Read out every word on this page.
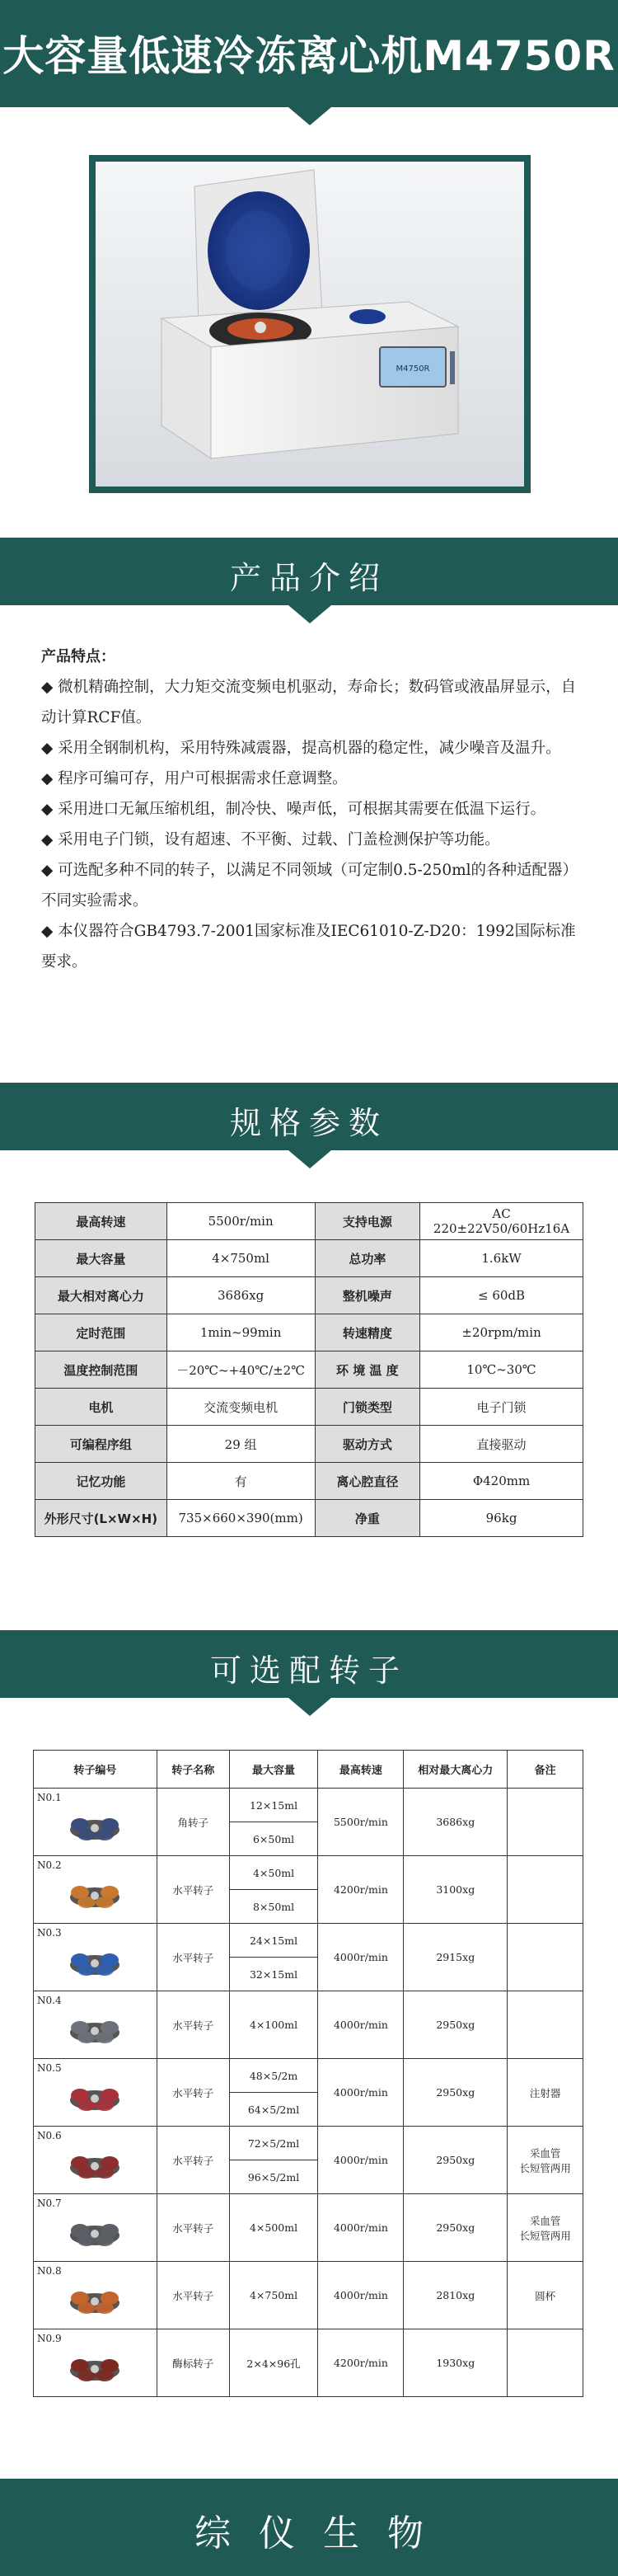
大容量低速冷冻离心机M4750R
M4750R
产品介绍
产品特点：

◆ 微机精确控制，大力矩交流变频电机驱动，寿命长；数码管或液晶屏显示，自动计算RCF值。

◆ 采用全钢制机构，采用特殊减震器，提高机器的稳定性，减少噪音及温升。

◆ 程序可编可存，用户可根据需求任意调整。

◆ 采用进口无氟压缩机组，制冷快、噪声低，可根据其需要在低温下运行。

◆ 采用电子门锁，设有超速、不平衡、过载、门盖检测保护等功能。

◆ 可选配多种不同的转子，以满足不同领域（可定制0.5-250ml的各种适配器）不同实验需求。

◆ 本仪器符合GB4793.7-2001国家标准及IEC61010-Z-D20：1992国际标准要求。

规格参数
最高转速	5500r/min	支持电源	AC 220±22V50/60Hz16A
最大容量	4×750ml	总功率	1.6kW
最大相对离心力	3686xg	整机噪声	≤ 60dB
定时范围	1min~99min	转速精度	±20rpm/min
温度控制范围	－20℃~+40℃/±2℃	环 境 温 度	10℃~30℃
电机	交流变频电机	门锁类型	电子门锁
可编程序组	29 组	驱动方式	直接驱动
记忆功能	有	离心腔直径	Φ420mm
外形尺寸(L×W×H)	735×660×390(mm)	净重	96kg
可选配转子
转子编号	转子名称	最大容量	最高转速	相对最大离心力	备注

N0.1	角转子	12×15ml	5500r/min	3686xg	
		6×50ml			

N0.2	水平转子	4×50ml	4200r/min	3100xg	
		8×50ml			

N0.3	水平转子	24×15ml	4000r/min	2915xg	
		32×15ml			

N0.4	水平转子	4×100ml	4000r/min	2950xg	

N0.5	水平转子	48×5/2m	4000r/min	2950xg	注射器
		64×5/2ml			

N0.6	水平转子	72×5/2ml	4000r/min	2950xg	采血管
长短管两用
		96×5/2ml			

N0.7	水平转子	4×500ml	4000r/min	2950xg	采血管
长短管两用

N0.8	水平转子	4×750ml	4000r/min	2810xg	圆杯

N0.9	酶标转子	2×4×96孔	4200r/min	1930xg	
综仪生物
